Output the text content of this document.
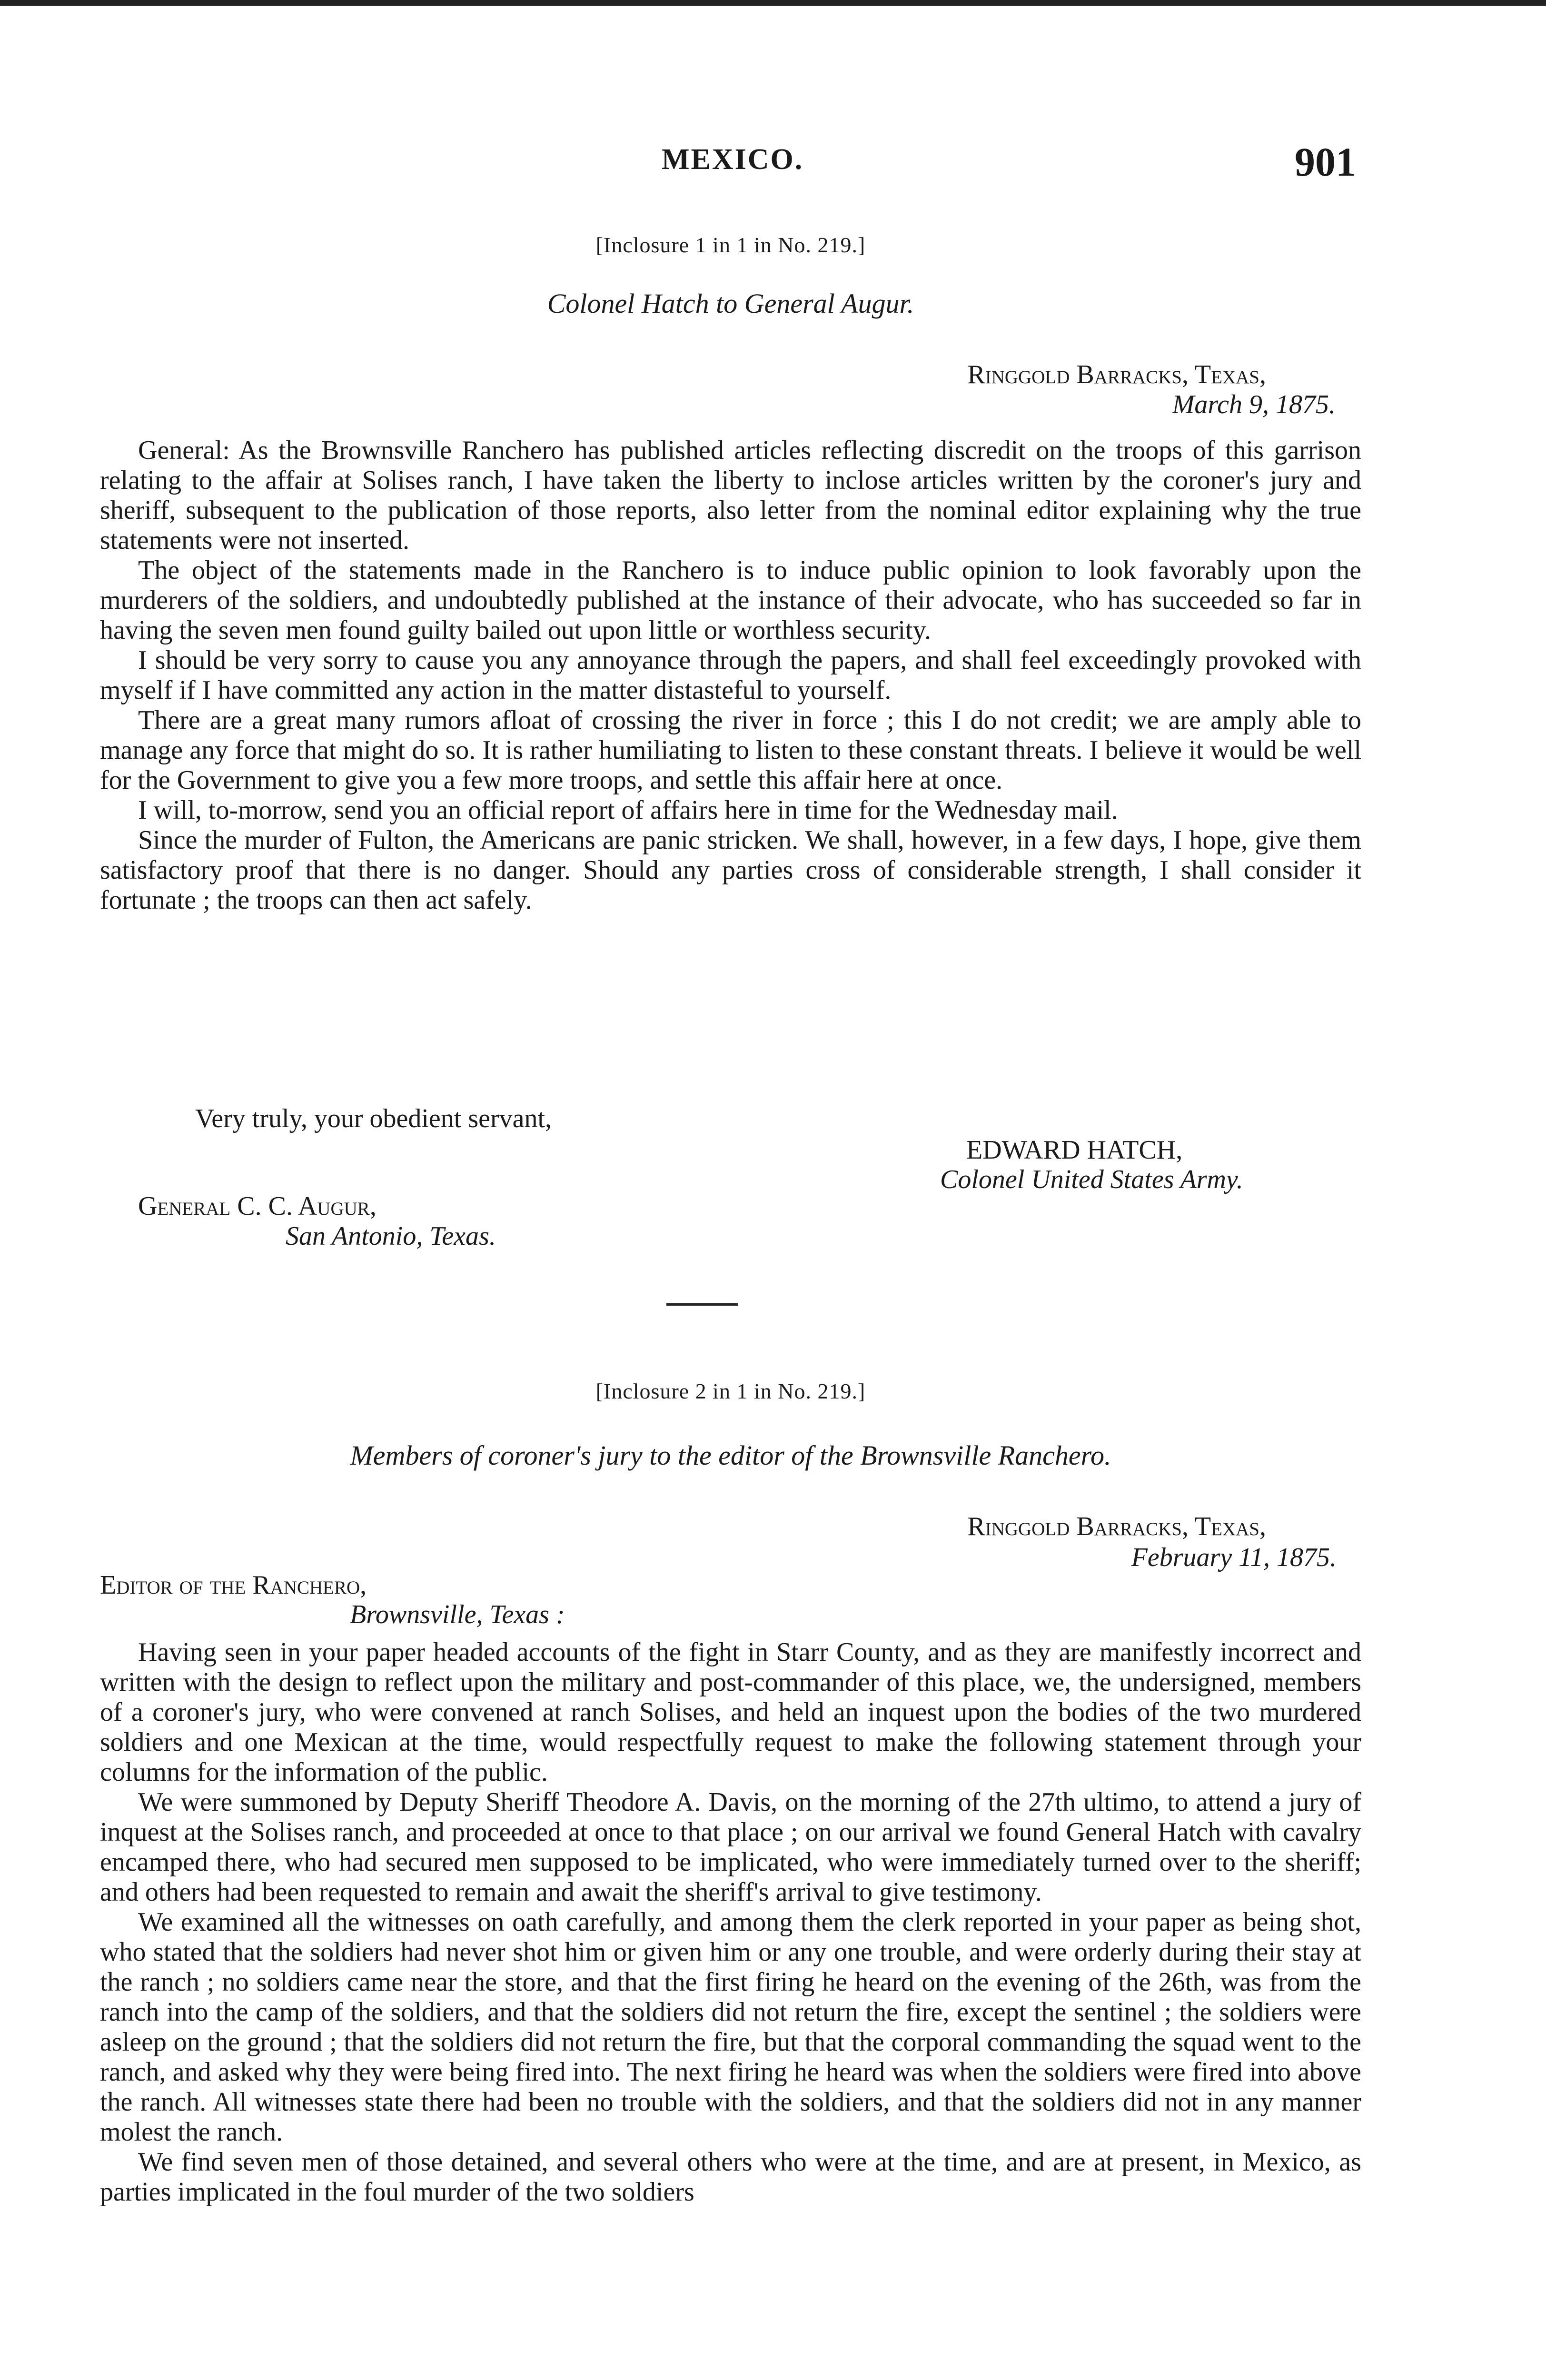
MEXICO.	901
[Inclosure 1 in 1 in No. 219.]
Colonel Hatch to General Augur.
Ringgold Barracks, Texas,
March 9, 1875.

General: As the Brownsville Ranchero has published articles reflecting discredit on the troops of this garrison relating to the affair at Solises ranch, I have taken the liberty to inclose articles written by the coroner's jury and sheriff, subsequent to the publication of those reports, also letter from the nominal editor explaining why the true statements were not inserted.

The object of the statements made in the Ranchero is to induce public opinion to look favorably upon the murderers of the soldiers, and undoubtedly published at the instance of their advocate, who has succeeded so far in having the seven men found guilty bailed out upon little or worthless security.

I should be very sorry to cause you any annoyance through the papers, and shall feel exceedingly provoked with myself if I have committed any action in the matter distasteful to yourself.

There are a great many rumors afloat of crossing the river in force ; this I do not credit; we are amply able to manage any force that might do so. It is rather humiliating to listen to these constant threats. I believe it would be well for the Government to give you a few more troops, and settle this affair here at once.

I will, to-morrow, send you an official report of affairs here in time for the Wednesday mail.

Since the murder of Fulton, the Americans are panic stricken. We shall, however, in a few days, I hope, give them satisfactory proof that there is no danger. Should any parties cross of considerable strength, I shall consider it fortunate ; the troops can then act safely.

Very truly, your obedient servant,
EDWARD HATCH,
Colonel United States Army.
General C. C. Augur,
San Antonio, Texas.
[Inclosure 2 in 1 in No. 219.]
Members of coroner's jury to the editor of the Brownsville Ranchero.
Ringgold Barracks, Texas,
February 11, 1875.
Editor of the Ranchero,
Brownsville, Texas :

Having seen in your paper headed accounts of the fight in Starr County, and as they are manifestly incorrect and written with the design to reflect upon the military and post-commander of this place, we, the undersigned, members of a coroner's jury, who were convened at ranch Solises, and held an inquest upon the bodies of the two murdered soldiers and one Mexican at the time, would respectfully request to make the following statement through your columns for the information of the public.

We were summoned by Deputy Sheriff Theodore A. Davis, on the morning of the 27th ultimo, to attend a jury of inquest at the Solises ranch, and proceeded at once to that place ; on our arrival we found General Hatch with cavalry encamped there, who had secured men supposed to be implicated, who were immediately turned over to the sheriff; and others had been requested to remain and await the sheriff's arrival to give testimony.

We examined all the witnesses on oath carefully, and among them the clerk reported in your paper as being shot, who stated that the soldiers had never shot him or given him or any one trouble, and were orderly during their stay at the ranch ; no soldiers came near the store, and that the first firing he heard on the evening of the 26th, was from the ranch into the camp of the soldiers, and that the soldiers did not return the fire, except the sentinel ; the soldiers were asleep on the ground ; that the soldiers did not return the fire, but that the corporal commanding the squad went to the ranch, and asked why they were being fired into. The next firing he heard was when the soldiers were fired into above the ranch. All witnesses state there had been no trouble with the soldiers, and that the soldiers did not in any manner molest the ranch.

We find seven men of those detained, and several others who were at the time, and are at present, in Mexico, as parties implicated in the foul murder of the two soldiers
